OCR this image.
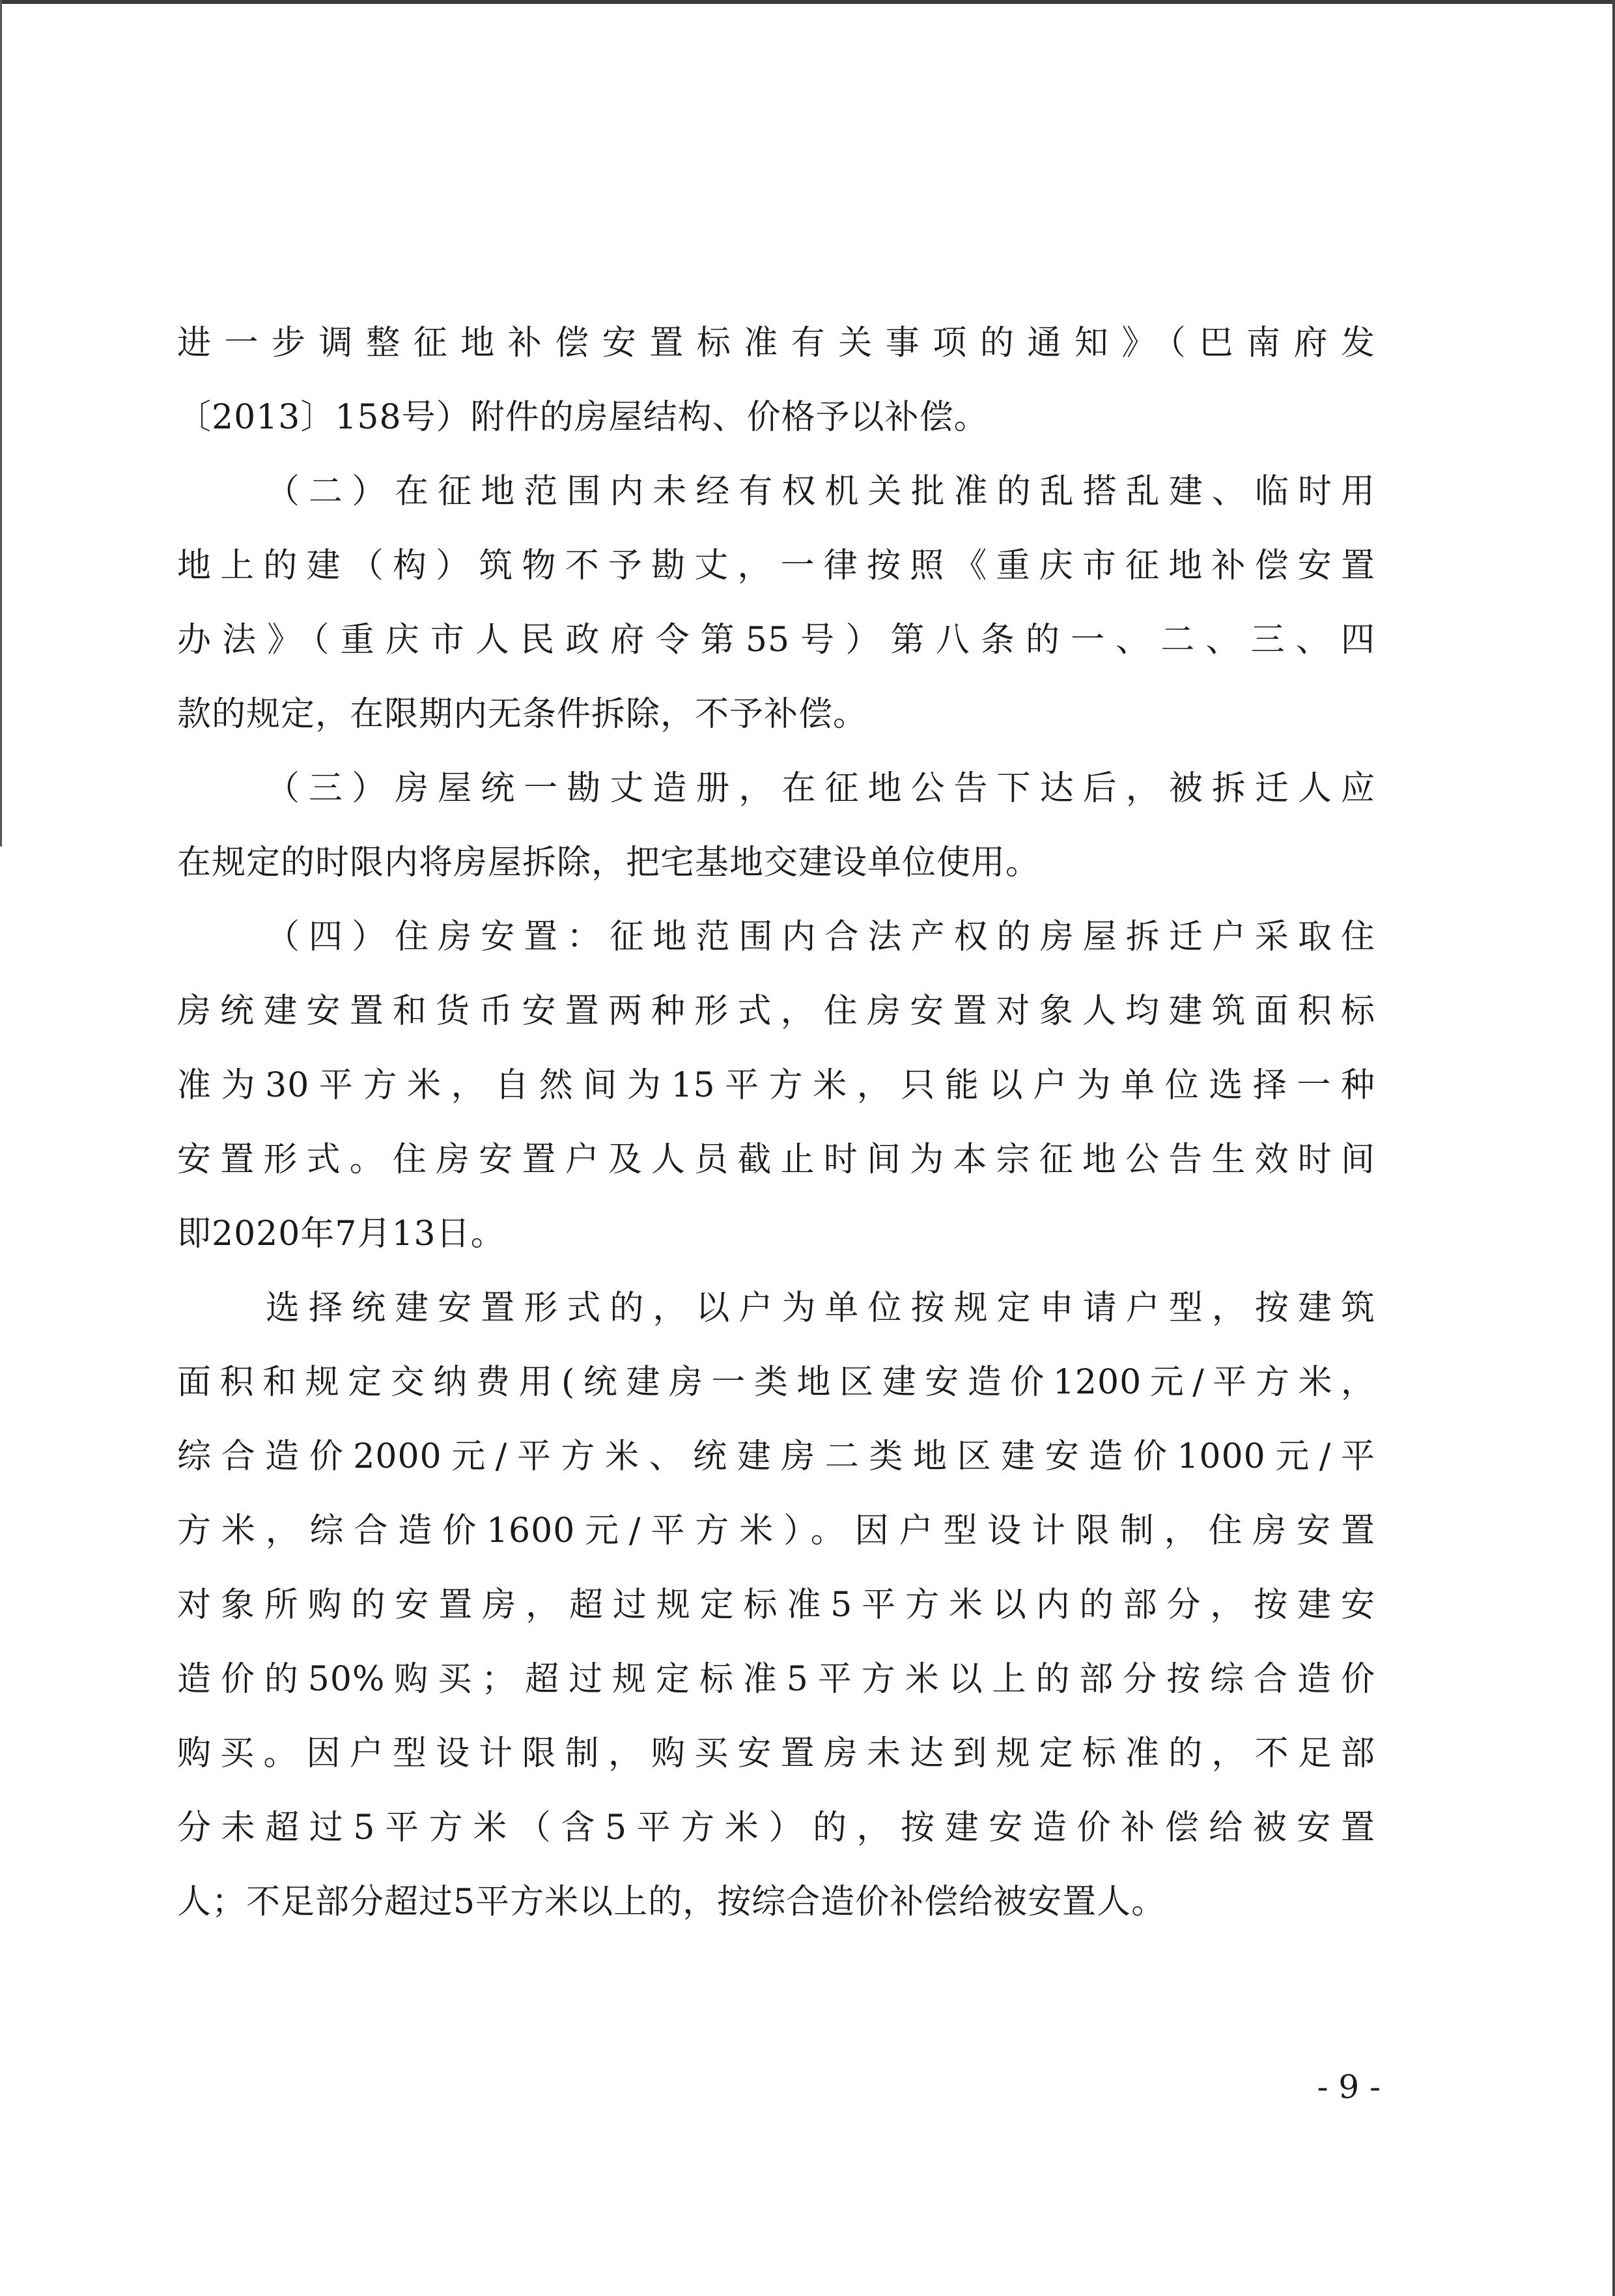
进一步调整征地补偿安置标准有关事项的通知》（巴南府发
〔2013〕158号）附件的房屋结构、价格予以补偿。
（二）在征地范围内未经有权机关批准的乱搭乱建、临时用
地上的建（构）筑物不予勘丈，一律按照《重庆市征地补偿安置
办法》（重庆市人民政府令第55号）第八条的一、二、三、四
款的规定，在限期内无条件拆除，不予补偿。
（三）房屋统一勘丈造册，在征地公告下达后，被拆迁人应
在规定的时限内将房屋拆除，把宅基地交建设单位使用。
（四）住房安置：征地范围内合法产权的房屋拆迁户采取住
房统建安置和货币安置两种形式，住房安置对象人均建筑面积标
准为30平方米，自然间为15平方米，只能以户为单位选择一种
安置形式。住房安置户及人员截止时间为本宗征地公告生效时间
即2020年7月13日。
选择统建安置形式的，以户为单位按规定申请户型，按建筑
面积和规定交纳费用(统建房一类地区建安造价1200元/平方米，
综合造价2000元/平方米、统建房二类地区建安造价1000元/平
方米，综合造价1600元/平方米）。因户型设计限制，住房安置
对象所购的安置房，超过规定标准5平方米以内的部分，按建安
造价的50%购买；超过规定标准5平方米以上的部分按综合造价
购买。因户型设计限制，购买安置房未达到规定标准的，不足部
分未超过5平方米（含5平方米）的，按建安造价补偿给被安置
人；不足部分超过5平方米以上的，按综合造价补偿给被安置人。
- 9 -
